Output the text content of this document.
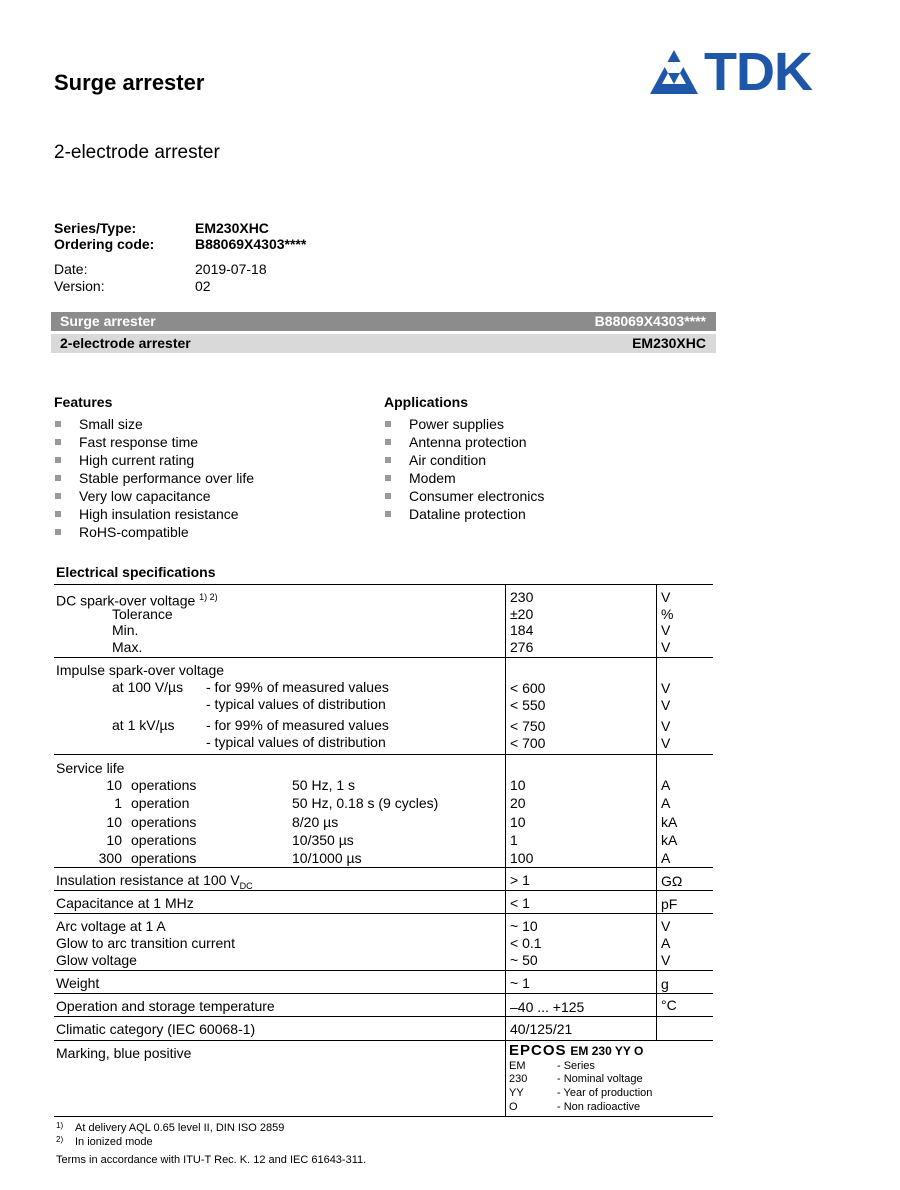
Surge arrester
2-electrode arrester
TDK
Series/Type:	EM230XHC
Ordering code:	B88069X4303****
Date:	2019-07-18
Version:	02
Surge arrester	B88069X4303****
2-electrode arrester	EM230XHC
Features
Small size
Fast response time
High current rating
Stable performance over life
Very low capacitance
High insulation resistance
RoHS-compatible
Applications
Power supplies
Antenna protection
Air condition
Modem
Consumer electronics
Dataline protection
Electrical specifications
DC spark-over voltage $^{1) 2)}$	230	V
Tolerance	±20	%
Min.	184	V
Max.	276	V
Impulse spark-over voltage
at 100 V/µs - for 99% of measured values	< 600	V
- typical values of distribution	< 550	V
at 1 kV/µs - for 99% of measured values	< 750	V
- typical values of distribution	< 700	V
Service life
10 operations	50 Hz, 1 s	10	A
1 operation	50 Hz, 0.18 s (9 cycles)	20	A
10 operations	8/20 µs	10	kA
10 operations	10/350 µs	1	kA
300 operations	10/1000 µs	100	A
Insulation resistance at 100 $V_{DC}$	> 1	GΩ
Capacitance at 1 MHz	< 1	pF
Arc voltage at 1 A	~ 10	V
Glow to arc transition current	< 0.1	A
Glow voltage	~ 50	V
Weight	~ 1	g
Operation and storage temperature	–40 ... +125	°C
Climatic category (IEC 60068-1)	40/125/21
Marking, blue positive	EPCOS EM 230 YY O
EM	- Series
230	- Nominal voltage
YY	- Year of production
O	- Non radioactive
$^{1)}$ At delivery AQL 0.65 level II, DIN ISO 2859
$^{2)}$ In ionized mode
Terms in accordance with ITU-T Rec. K. 12 and IEC 61643-311.
